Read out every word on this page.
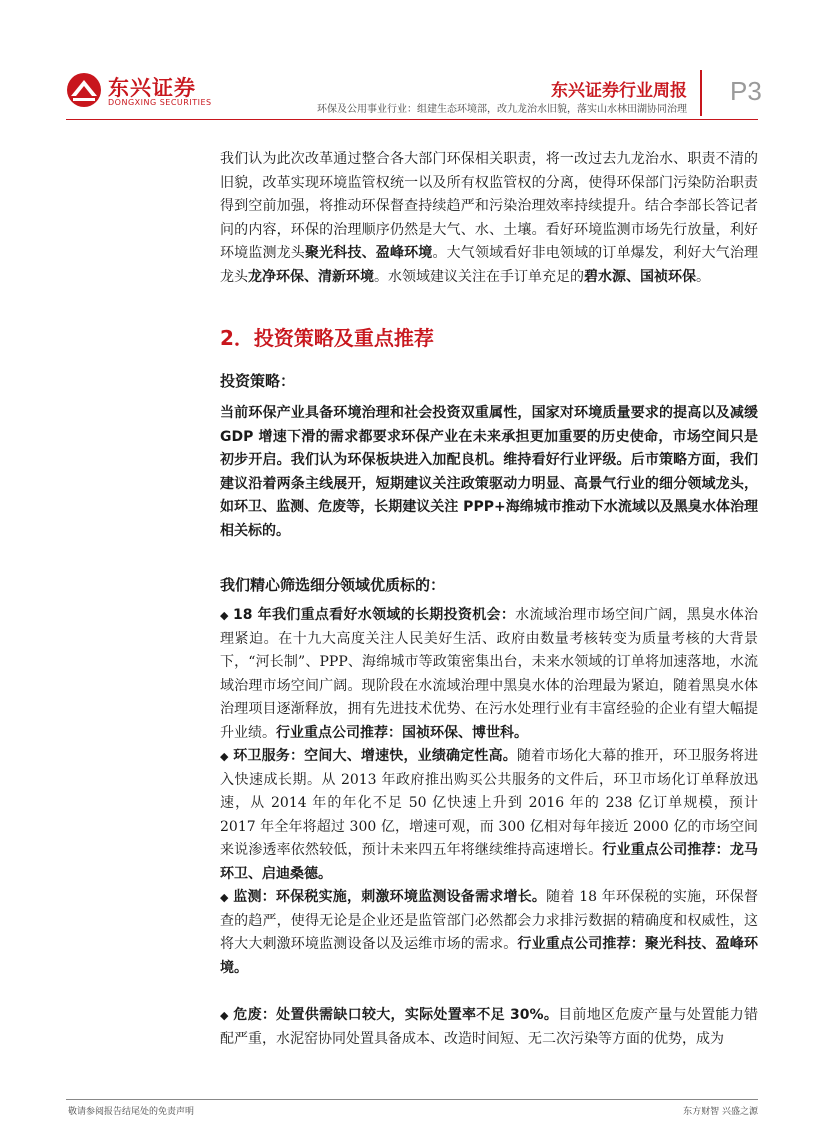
东兴证券
DONGXING SECURITIES
东兴证券行业周报
环保及公用事业行业：组建生态环境部，改九龙治水旧貌，落实山水林田湖协同治理
P3

我们认为此次改革通过整合各大部门环保相关职责，将一改过去九龙治水、职责不清的旧貌，改革实现环境监管权统一以及所有权监管权的分离，使得环保部门污染防治职责得到空前加强，将推动环保督查持续趋严和污染治理效率持续提升。结合李部长答记者问的内容，环保的治理顺序仍然是大气、水、土壤。看好环境监测市场先行放量，利好环境监测龙头聚光科技、盈峰环境。大气领域看好非电领域的订单爆发，利好大气治理龙头龙净环保、清新环境。水领域建议关注在手订单充足的碧水源、国祯环保。

2．投资策略及重点推荐
投资策略：
当前环保产业具备环境治理和社会投资双重属性，国家对环境质量要求的提高以及减缓 GDP 增速下滑的需求都要求环保产业在未来承担更加重要的历史使命，市场空间只是初步开启。我们认为环保板块进入加配良机。维持看好行业评级。后市策略方面，我们建议沿着两条主线展开，短期建议关注政策驱动力明显、高景气行业的细分领域龙头，如环卫、监测、危废等，长期建议关注 PPP+海绵城市推动下水流域以及黑臭水体治理相关标的。
我们精心筛选细分领域优质标的：
◆ 18 年我们重点看好水领域的长期投资机会：水流域治理市场空间广阔，黑臭水体治理紧迫。在十九大高度关注人民美好生活、政府由数量考核转变为质量考核的大背景下，“河长制”、PPP、海绵城市等政策密集出台，未来水领域的订单将加速落地，水流域治理市场空间广阔。现阶段在水流域治理中黑臭水体的治理最为紧迫，随着黑臭水体治理项目逐渐释放，拥有先进技术优势、在污水处理行业有丰富经验的企业有望大幅提升业绩。行业重点公司推荐：国祯环保、博世科。
◆ 环卫服务：空间大、增速快，业绩确定性高。随着市场化大幕的推开，环卫服务将进入快速成长期。从 2013 年政府推出购买公共服务的文件后，环卫市场化订单释放迅速，从 2014 年的年化不足 50 亿快速上升到 2016 年的 238 亿订单规模，预计 2017 年全年将超过 300 亿，增速可观，而 300 亿相对每年接近 2000 亿的市场空间来说渗透率依然较低，预计未来四五年将继续维持高速增长。行业重点公司推荐：龙马环卫、启迪桑德。
◆ 监测：环保税实施，刺激环境监测设备需求增长。随着 18 年环保税的实施，环保督查的趋严，使得无论是企业还是监管部门必然都会力求排污数据的精确度和权威性，这将大大刺激环境监测设备以及运维市场的需求。行业重点公司推荐：聚光科技、盈峰环境。
◆ 危废：处置供需缺口较大，实际处置率不足 30%。目前地区危废产量与处置能力错配严重，水泥窑协同处置具备成本、改造时间短、无二次污染等方面的优势，成为
敬请参阅报告结尾处的免责声明	东方财智 兴盛之源
